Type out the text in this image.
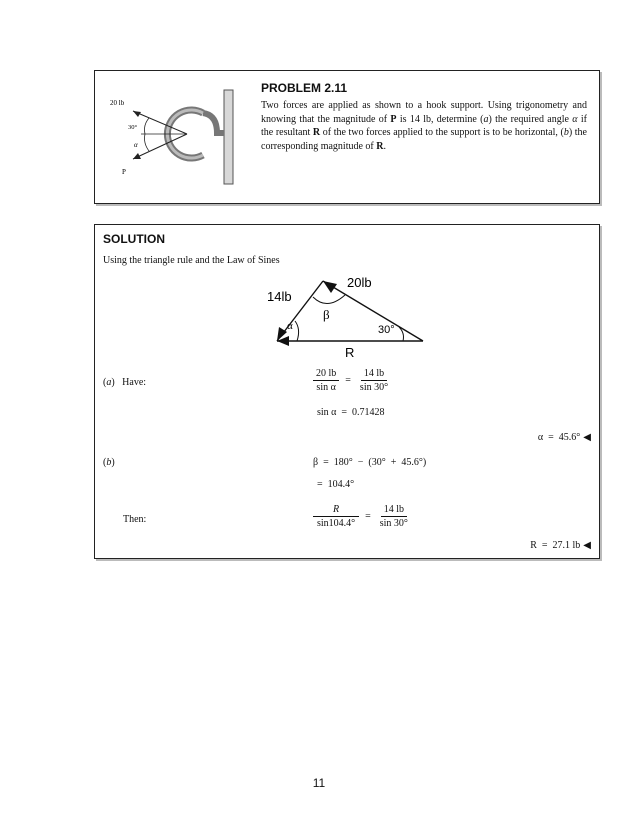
20 lb
30°
α
P
PROBLEM 2.11
Two forces are applied as shown to a hook support. Using trigonometry and knowing that the magnitude of P is 14 lb, determine (a) the required angle α if the resultant R of the two forces applied to the support is to be horizontal, (b) the corresponding magnitude of R.
SOLUTION
Using the triangle rule and the Law of Sines
20lb
14lb
β
α	30°
R
(a)   Have:	$\frac{20 lb}{\text{sin α}} = \frac{14 lb}{\sin 30^\circ}$
sin α  =  0.71428
α  =  45.6° ◀
(b)	β  =  180°  −  (30°  +  45.6°)
=  104.4°
Then:	$\frac{R}{\sin 104.4^\circ} = \frac{14 lb}{\sin 30^\circ}$
R  =  27.1 lb ◀
11
